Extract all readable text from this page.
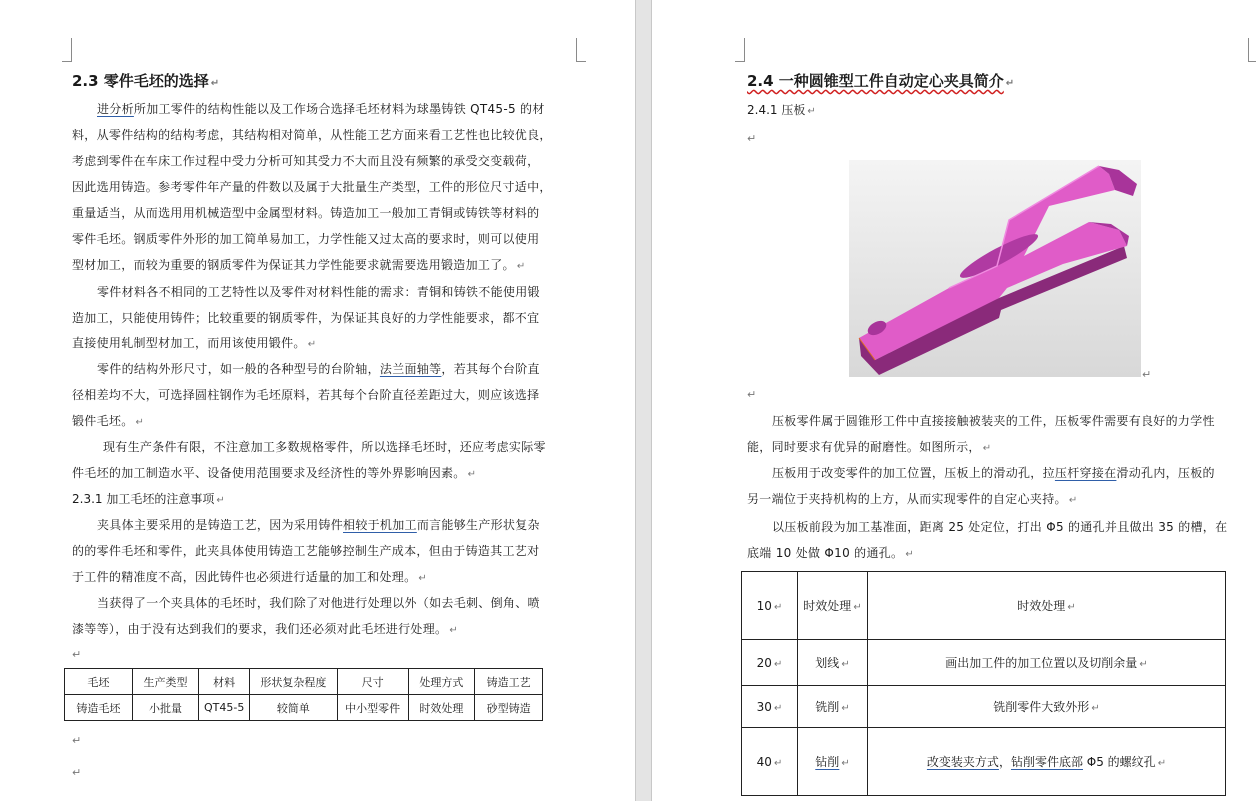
2.3 零件毛坯的选择 ↵
进分析所加工零件的结构性能以及工作场合选择毛坯材料为球墨铸铁 QT45-5 的材
料，从零件结构的结构考虑，其结构相对简单，从性能工艺方面来看工艺性也比较优良，
考虑到零件在车床工作过程中受力分析可知其受力不大而且没有频繁的承受交变载荷，
因此选用铸造。参考零件年产量的件数以及属于大批量生产类型，工件的形位尺寸适中，
重量适当，从而选用用机械造型中金属型材料。铸造加工一般加工青铜或铸铁等材料的
零件毛坯。钢质零件外形的加工简单易加工，力学性能又过太高的要求时，则可以使用
型材加工，而较为重要的钢质零件为保证其力学性能要求就需要选用锻造加工了。 ↵
零件材料各不相同的工艺特性以及零件对材料性能的需求：青铜和铸铁不能使用锻
造加工，只能使用铸件；比较重要的钢质零件，为保证其良好的力学性能要求，都不宜
直接使用轧制型材加工，而用该使用锻件。 ↵
零件的结构外形尺寸，如一般的各种型号的台阶轴，法兰面轴等，若其每个台阶直
径相差均不大，可选择圆柱钢作为毛坯原料，若其每个台阶直径差距过大，则应该选择
锻件毛坯。 ↵
现有生产条件有限，不注意加工多数规格零件，所以选择毛坯时，还应考虑实际零
件毛坯的加工制造水平、设备使用范围要求及经济性的等外界影响因素。 ↵
2.3.1 加工毛坯的注意事项 ↵
夹具体主要采用的是铸造工艺，因为采用铸件相较于机加工而言能够生产形状复杂
的的零件毛坯和零件，此夹具体使用铸造工艺能够控制生产成本，但由于铸造其工艺对
于工件的精准度不高，因此铸件也必须进行适量的加工和处理。 ↵
当获得了一个夹具体的毛坯时，我们除了对他进行处理以外（如去毛刺、倒角、喷
漆等等），由于没有达到我们的要求，我们还必须对此毛坯进行处理。 ↵
↵
毛坯	生产类型	材料	形状复杂程度	尺寸	处理方式	铸造工艺
铸造毛坯	小批量	QT45-5	较简单	中小型零件	时效处理	砂型铸造
↵
↵
2.4 一种圆锥型工件自动定心夹具简介 ↵
2.4.1 压板 ↵
↵
↵
↵
压板零件属于圆锥形工件中直接接触被装夹的工件，压板零件需要有良好的力学性
能，同时要求有优异的耐磨性。如图所示， ↵
压板用于改变零件的加工位置，压板上的滑动孔，拉压杆穿接在滑动孔内，压板的
另一端位于夹持机构的上方，从而实现零件的自定心夹持。 ↵
以压板前段为加工基准面，距离 25 处定位，打出 Φ5 的通孔并且做出 35 的槽，在
底端 10 处做 Φ10 的通孔。 ↵
10 ↵	时效处理 ↵	时效处理 ↵
20 ↵	划线 ↵	画出加工件的加工位置以及切削余量 ↵
30 ↵	铣削 ↵	铣削零件大致外形 ↵
40 ↵	钻削 ↵	改变装夹方式，钻削零件底部 Φ5 的螺纹孔 ↵
